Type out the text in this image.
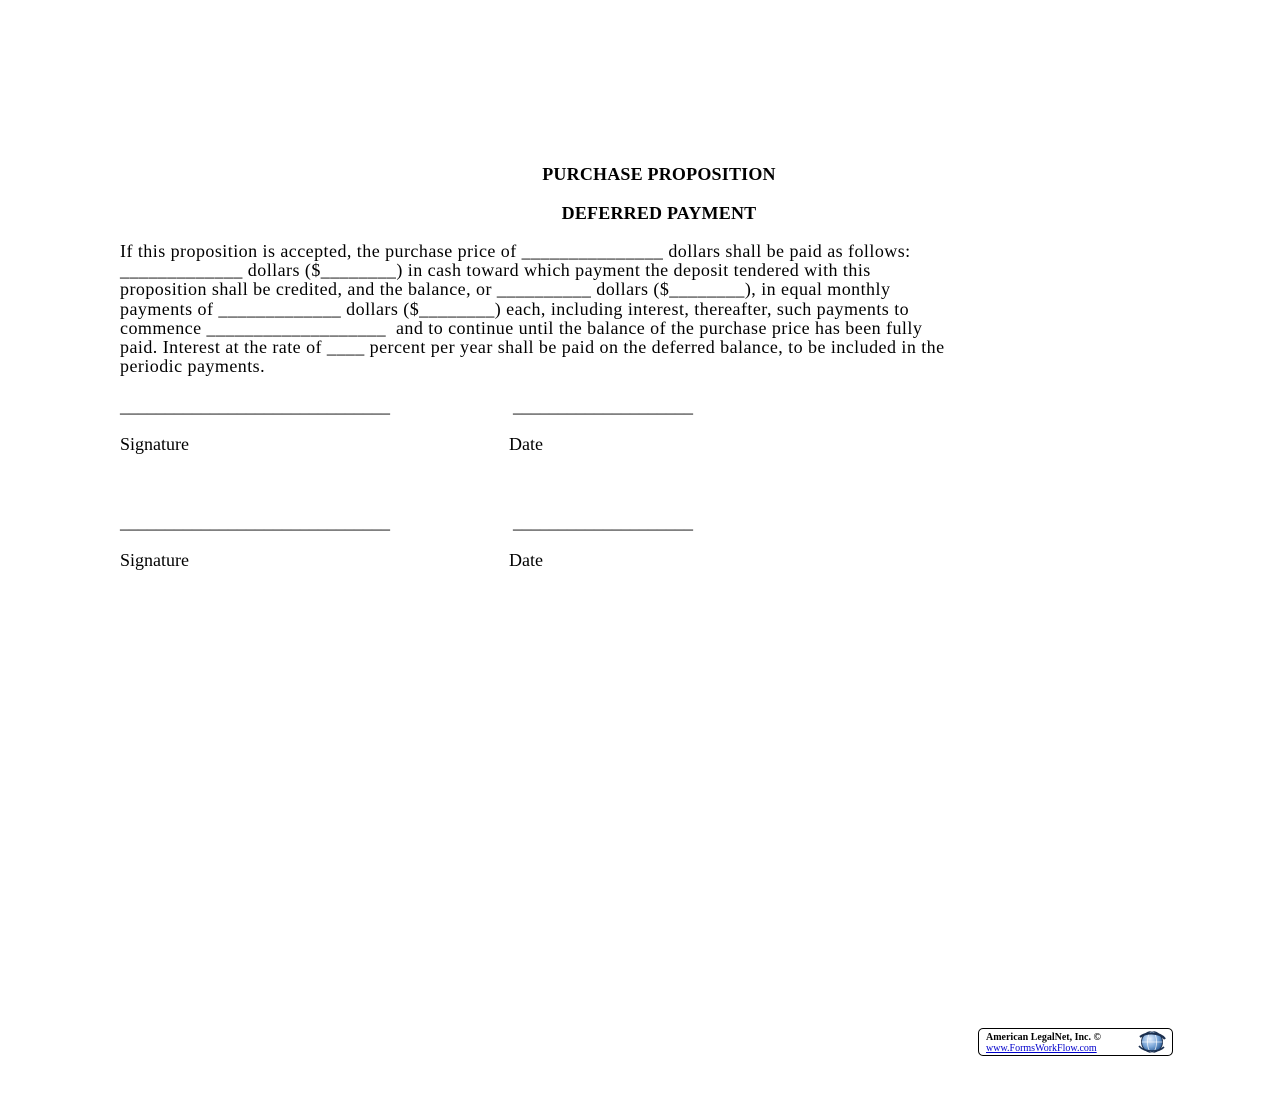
PURCHASE PROPOSITION
DEFERRED PAYMENT
If this proposition is accepted, the purchase price of _______________ dollars shall be paid as follows:
_____________ dollars ($________) in cash toward which payment the deposit tendered with this
proposition shall be credited, and the balance, or __________ dollars ($________), in equal monthly
payments of _____________ dollars ($________) each, including interest, thereafter, such payments to
commence ___________________  and to continue until the balance of the purchase price has been fully
paid. Interest at the rate of ____ percent per year shall be paid on the deferred balance, to be included in the
periodic payments.
______________________________	____________________
Signature	Date
______________________________	____________________
Signature	Date
American LegalNet, Inc. ©
www.FormsWorkFlow.com
